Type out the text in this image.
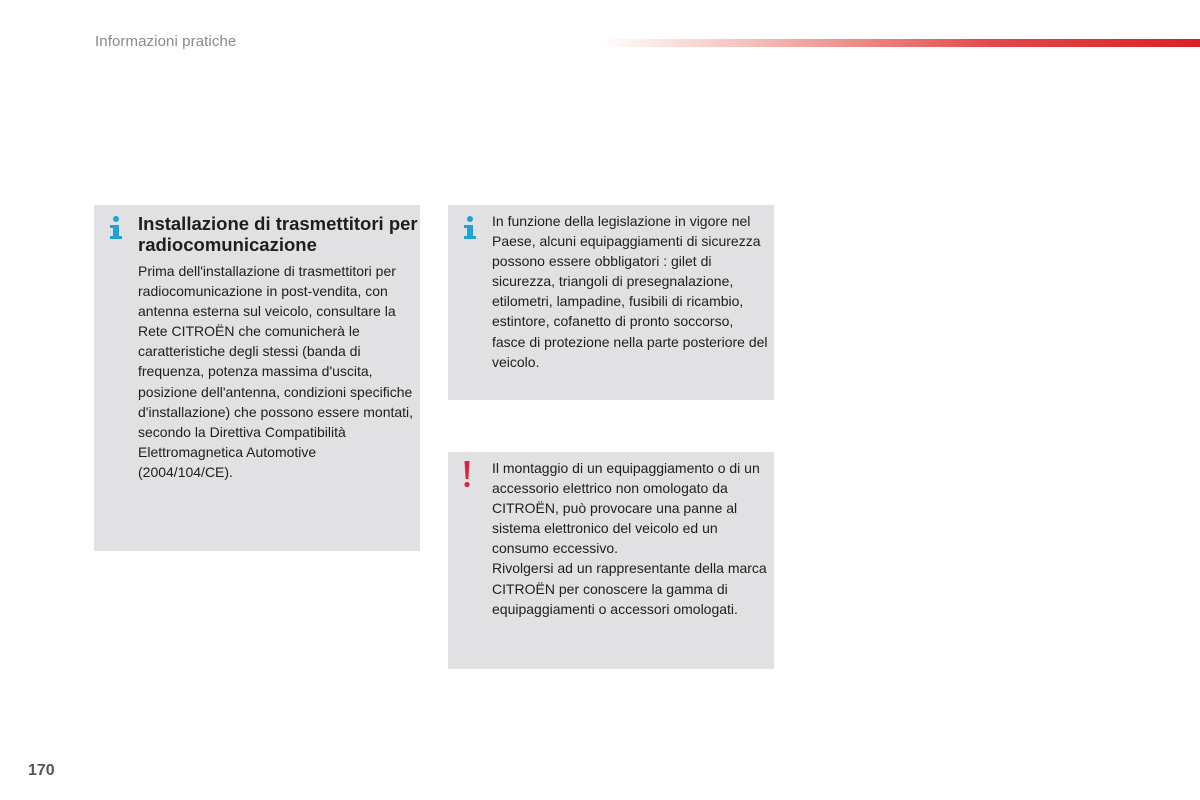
Informazioni pratiche
Installazione di trasmettitori per radiocomunicazione
Prima dell'installazione di trasmettitori per radiocomunicazione in post-vendita, con antenna esterna sul veicolo, consultare la Rete CITROËN che comunicherà le caratteristiche degli stessi (banda di frequenza, potenza massima d'uscita, posizione dell'antenna, condizioni specifiche d'installazione) che possono essere montati, secondo la Direttiva Compatibilità Elettromagnetica Automotive (2004/104/CE).
In funzione della legislazione in vigore nel Paese, alcuni equipaggiamenti di sicurezza possono essere obbligatori : gilet di sicurezza, triangoli di presegnalazione, etilometri, lampadine, fusibili di ricambio, estintore, cofanetto di pronto soccorso, fasce di protezione nella parte posteriore del veicolo.

Il montaggio di un equipaggiamento o di un accessorio elettrico non omologato da CITROËN, può provocare una panne al sistema elettronico del veicolo ed un consumo eccessivo.

Rivolgersi ad un rappresentante della marca CITROËN per conoscere la gamma di equipaggiamenti o accessori omologati.

170
